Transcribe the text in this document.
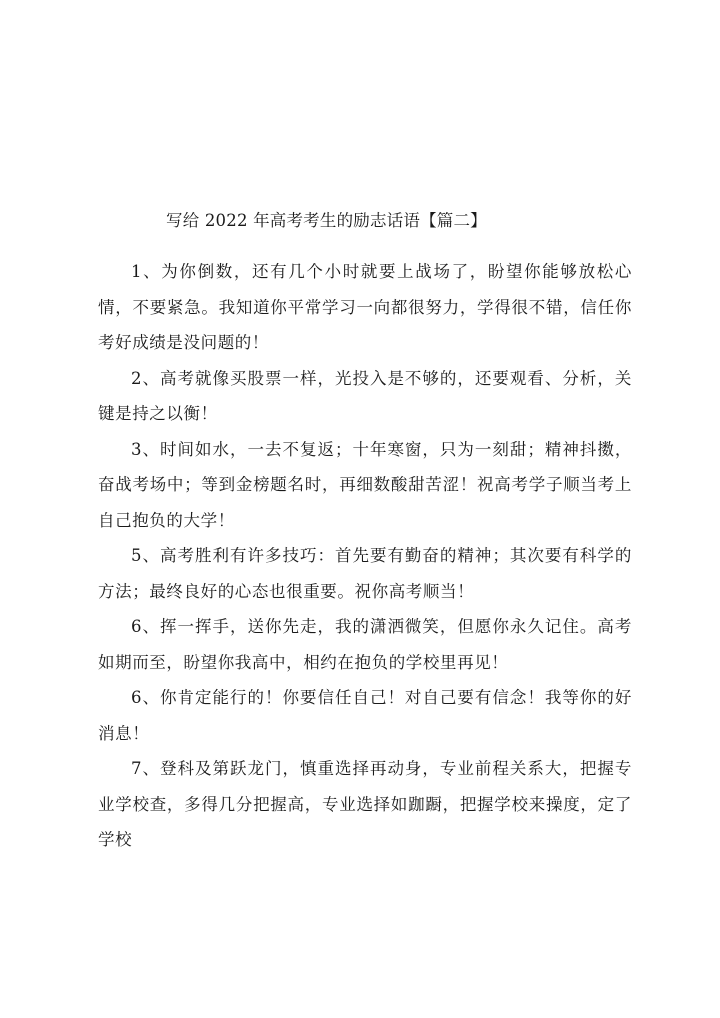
写给 2022 年高考考生的励志话语【篇二】

1、为你倒数，还有几个小时就要上战场了，盼望你能够放松心情，不要紧急。我知道你平常学习一向都很努力，学得很不错，信任你考好成绩是没问题的！

2、高考就像买股票一样，光投入是不够的，还要观看、分析，关键是持之以衡！

3、时间如水，一去不复返；十年寒窗，只为一刻甜；精神抖擞，奋战考场中；等到金榜题名时，再细数酸甜苦涩！祝高考学子顺当考上自己抱负的大学！

5、高考胜利有许多技巧：首先要有勤奋的精神；其次要有科学的方法；最终良好的心态也很重要。祝你高考顺当！

6、挥一挥手，送你先走，我的潇洒微笑，但愿你永久记住。高考如期而至，盼望你我高中，相约在抱负的学校里再见！

6、你肯定能行的！你要信任自己！对自己要有信念！我等你的好消息！

7、登科及第跃龙门，慎重选择再动身，专业前程关系大，把握专业学校查，多得几分把握高，专业选择如跏蹰，把握学校来操度，定了学校
